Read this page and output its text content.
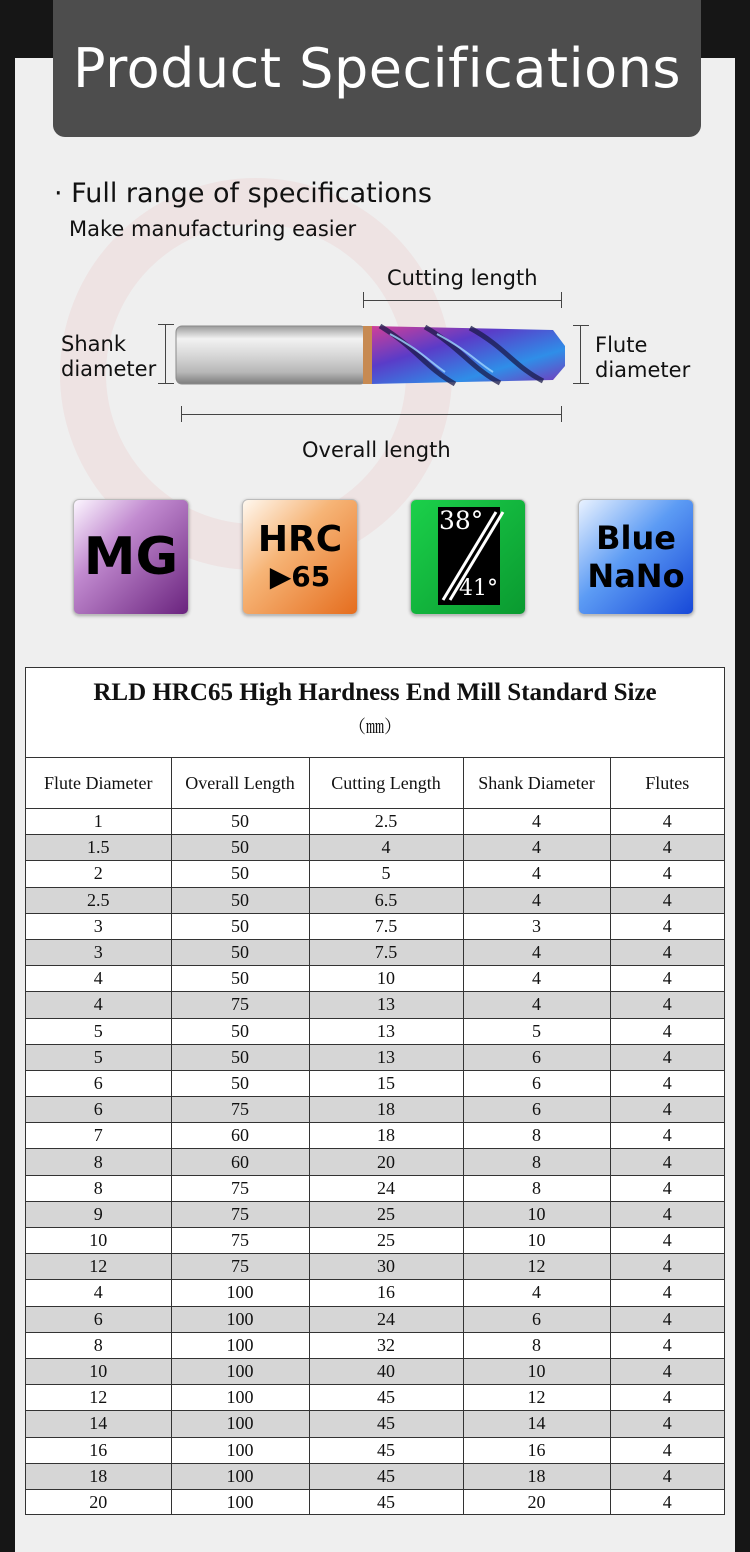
Product Specifications
· Full range of specifications
Make manufacturing easier
Cutting length
Shank
diameter
Flute
diameter
Overall length
MG HRC
▶65
38°
41°
Blue
NaNo
RLD HRC65 High Hardness End Mill Standard Size
（㎜）
Flute Diameter	Overall Length	Cutting Length	Shank Diameter	Flutes
1	50	2.5	4	4
1.5	50	4	4	4
2	50	5	4	4
2.5	50	6.5	4	4
3	50	7.5	3	4
3	50	7.5	4	4
4	50	10	4	4
4	75	13	4	4
5	50	13	5	4
5	50	13	6	4
6	50	15	6	4
6	75	18	6	4
7	60	18	8	4
8	60	20	8	4
8	75	24	8	4
9	75	25	10	4
10	75	25	10	4
12	75	30	12	4
4	100	16	4	4
6	100	24	6	4
8	100	32	8	4
10	100	40	10	4
12	100	45	12	4
14	100	45	14	4
16	100	45	16	4
18	100	45	18	4
20	100	45	20	4
